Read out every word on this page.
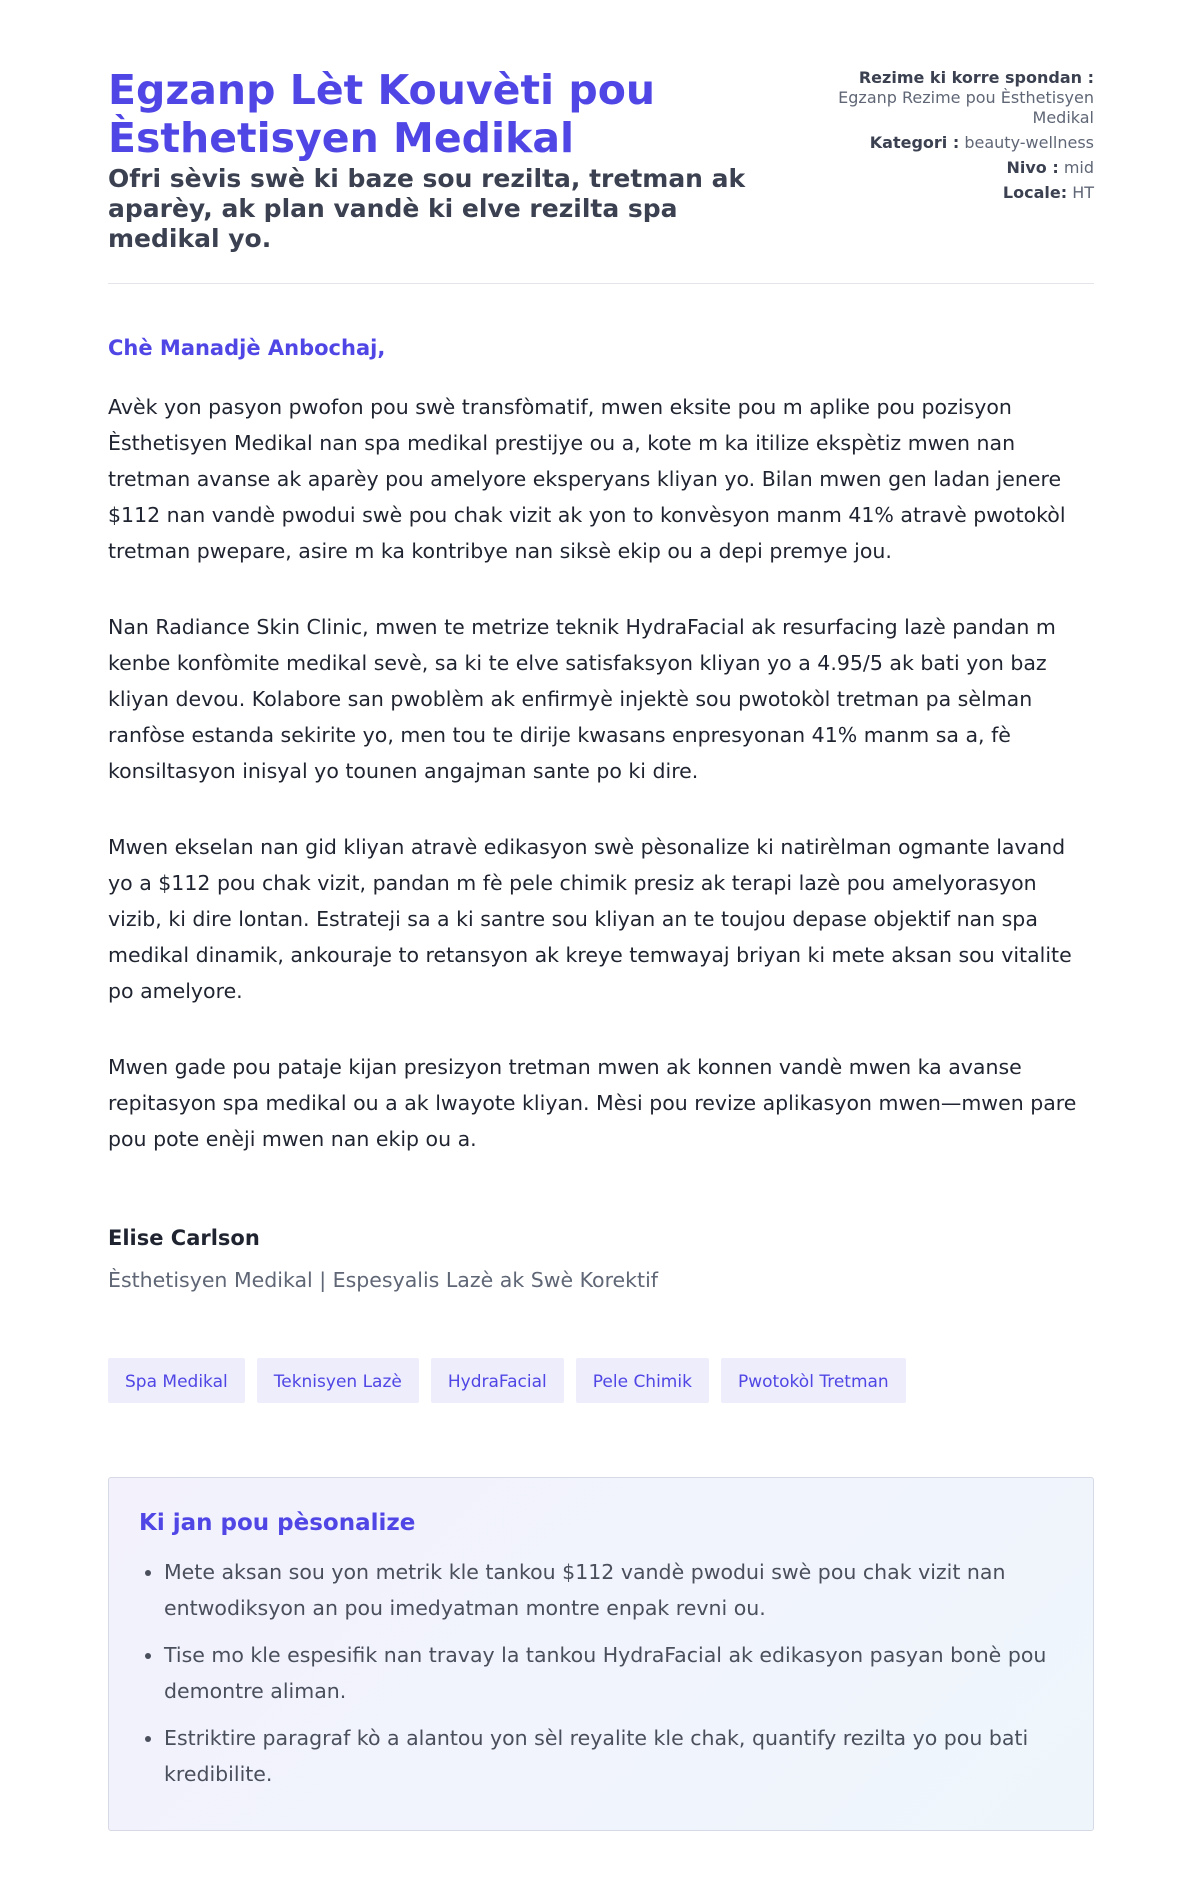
Egzanp Lèt Kouvèti pou Èsthetisyen Medikal

Ofri sèvis swè ki baze sou rezilta, tretman ak aparèy, ak plan vandè ki elve rezilta spa medikal yo.

Rezime ki korre spondan :
Egzanp Rezime pou Èsthetisyen Medikal
Kategori : beauty-wellness
Nivo : mid
Locale: HT

Chè Manadjè Anbochaj,

Avèk yon pasyon pwofon pou swè transfòmatif, mwen eksite pou m aplike pou pozisyon Èsthetisyen Medikal nan spa medikal prestijye ou a, kote m ka itilize ekspètiz mwen nan tretman avanse ak aparèy pou amelyore eksperyans kliyan yo. Bilan mwen gen ladan jenere $112 nan vandè pwodui swè pou chak vizit ak yon to konvèsyon manm 41% atravè pwotokòl tretman pwepare, asire m ka kontribye nan siksè ekip ou a depi premye jou.

Nan Radiance Skin Clinic, mwen te metrize teknik HydraFacial ak resurfacing lazè pandan m kenbe konfòmite medikal sevè, sa ki te elve satisfaksyon kliyan yo a 4.95/5 ak bati yon baz kliyan devou. Kolabore san pwoblèm ak enfirmyè injektè sou pwotokòl tretman pa sèlman ranfòse estanda sekirite yo, men tou te dirije kwasans enpresyonan 41% manm sa a, fè konsiltasyon inisyal yo tounen angajman sante po ki dire.

Mwen ekselan nan gid kliyan atravè edikasyon swè pèsonalize ki natirèlman ogmante lavand yo a $112 pou chak vizit, pandan m fè pele chimik presiz ak terapi lazè pou amelyorasyon vizib, ki dire lontan. Estrateji sa a ki santre sou kliyan an te toujou depase objektif nan spa medikal dinamik, ankouraje to retansyon ak kreye temwayaj briyan ki mete aksan sou vitalite po amelyore.

Mwen gade pou pataje kijan presizyon tretman mwen ak konnen vandè mwen ka avanse repitasyon spa medikal ou a ak lwayote kliyan. Mèsi pou revize aplikasyon mwen—mwen pare pou pote enèji mwen nan ekip ou a.

Elise Carlson
Èsthetisyen Medikal | Espesyalis Lazè ak Swè Korektif
Spa Medikal	Teknisyen Lazè	HydraFacial	Pele Chimik	Pwotokòl Tretman
Ki jan pou pèsonalize
• Mete aksan sou yon metrik kle tankou $112 vandè pwodui swè pou chak vizit nan entwodiksyon an pou imedyatman montre enpak revni ou.
• Tise mo kle espesifik nan travay la tankou HydraFacial ak edikasyon pasyan bonè pou demontre aliman.
• Estriktire paragraf kò a alantou yon sèl reyalite kle chak, quantify rezilta yo pou bati kredibilite.
